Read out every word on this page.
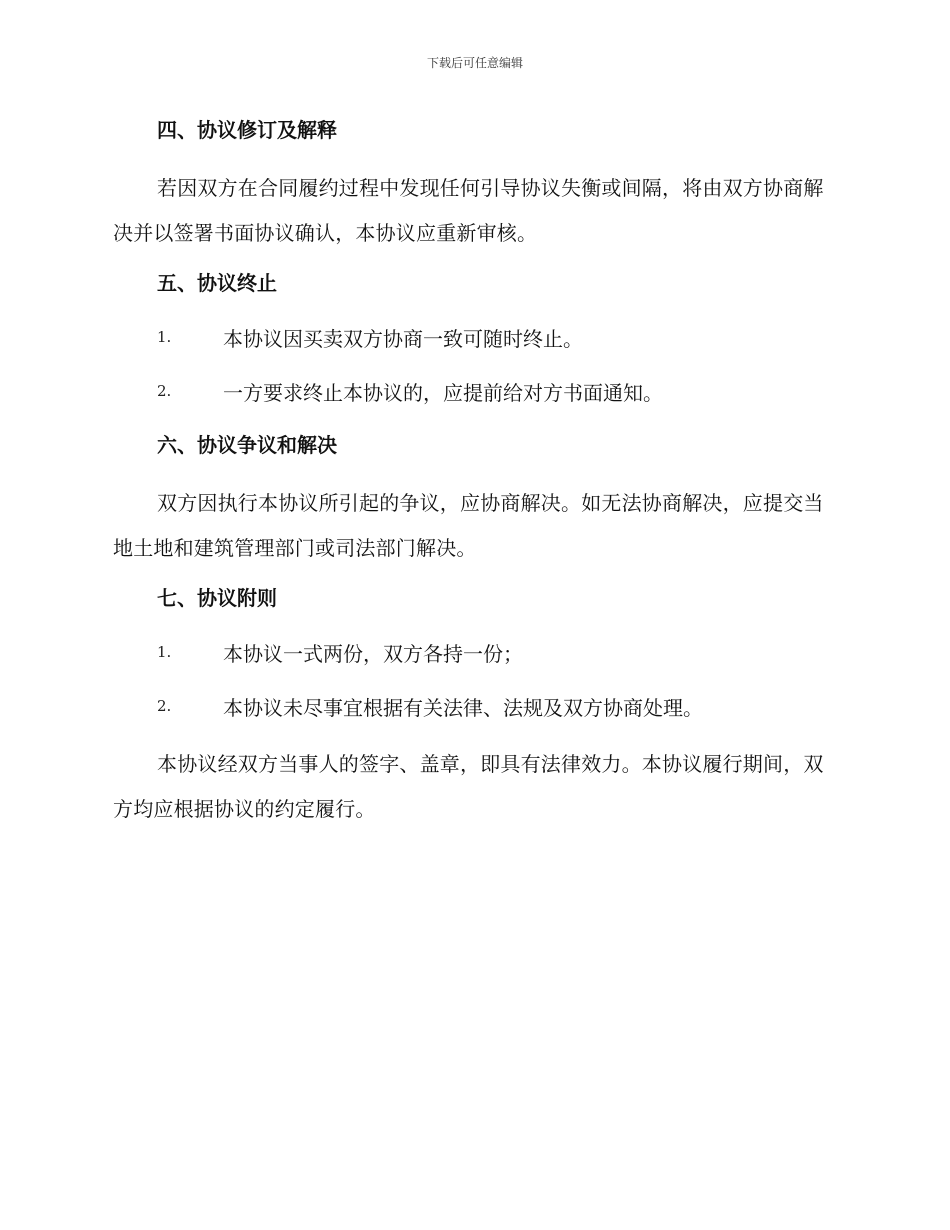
下载后可任意编辑
四、协议修订及解释

若因双方在合同履约过程中发现任何引导协议失衡或间隔，将由双方协商解决并以签署书面协议确认，本协议应重新审核。

五、协议终止
1.	本协议因买卖双方协商一致可随时终止。
2.	一方要求终止本协议的，应提前给对方书面通知。
六、协议争议和解决

双方因执行本协议所引起的争议，应协商解决。如无法协商解决，应提交当地土地和建筑管理部门或司法部门解决。

七、协议附则
1.	本协议一式两份，双方各持一份；
2.	本协议未尽事宜根据有关法律、法规及双方协商处理。

本协议经双方当事人的签字、盖章，即具有法律效力。本协议履行期间，双方均应根据协议的约定履行。
